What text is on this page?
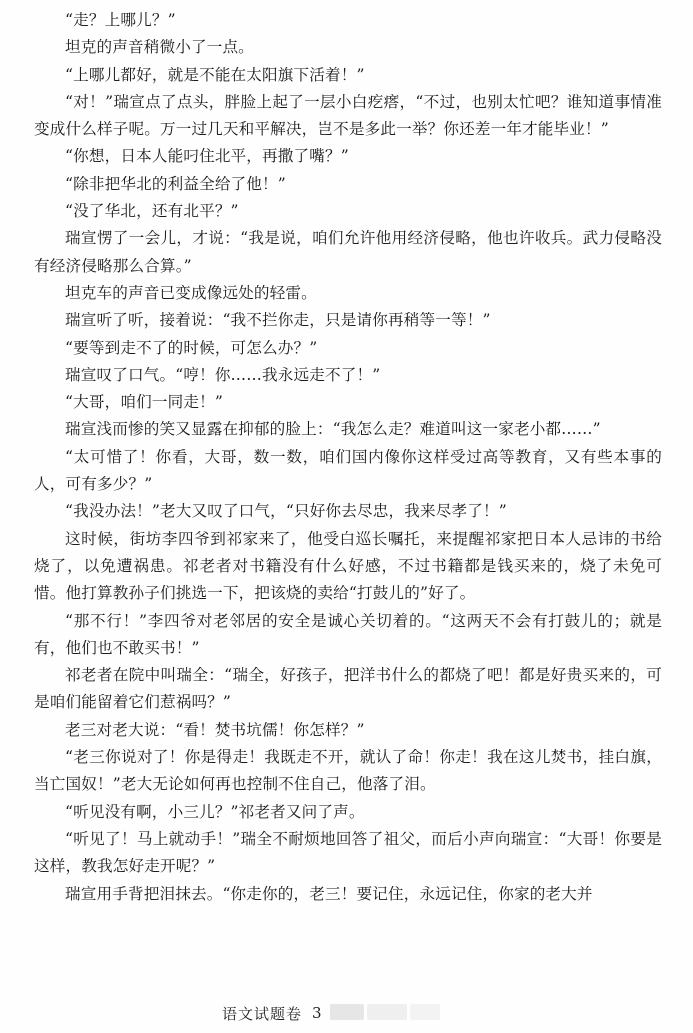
“走？上哪儿？”

坦克的声音稍微小了一点。

“上哪儿都好，就是不能在太阳旗下活着！”

“对！”瑞宣点了点头，胖脸上起了一层小白疙瘩，“不过，也别太忙吧？谁知道事情准变成什么样子呢。万一过几天和平解决，岂不是多此一举？你还差一年才能毕业！”

“你想，日本人能叼住北平，再撒了嘴？”

“除非把华北的利益全给了他！”

“没了华北，还有北平？”

瑞宣愣了一会儿，才说：“我是说，咱们允许他用经济侵略，他也许收兵。武力侵略没有经济侵略那么合算。”

坦克车的声音已变成像远处的轻雷。

瑞宣听了听，接着说：“我不拦你走，只是请你再稍等一等！”

“要等到走不了的时候，可怎么办？”

瑞宣叹了口气。“哼！你……我永远走不了！”

“大哥，咱们一同走！”

瑞宣浅而惨的笑又显露在抑郁的脸上：“我怎么走？难道叫这一家老小都……”

“太可惜了！你看，大哥，数一数，咱们国内像你这样受过高等教育，又有些本事的人，可有多少？”

“我没办法！”老大又叹了口气，“只好你去尽忠，我来尽孝了！”

这时候，街坊李四爷到祁家来了，他受白巡长嘱托，来提醒祁家把日本人忌讳的书给烧了，以免遭祸患。祁老者对书籍没有什么好感，不过书籍都是钱买来的，烧了未免可惜。他打算教孙子们挑选一下，把该烧的卖给“打鼓儿的”好了。

“那不行！”李四爷对老邻居的安全是诚心关切着的。“这两天不会有打鼓儿的；就是有，他们也不敢买书！”

祁老者在院中叫瑞全：“瑞全，好孩子，把洋书什么的都烧了吧！都是好贵买来的，可是咱们能留着它们惹祸吗？”

老三对老大说：“看！焚书坑儒！你怎样？”

“老三你说对了！你是得走！我既走不开，就认了命！你走！我在这儿焚书，挂白旗，当亡国奴！”老大无论如何再也控制不住自己，他落了泪。

“听见没有啊，小三儿？”祁老者又问了声。

“听见了！马上就动手！”瑞全不耐烦地回答了祖父，而后小声向瑞宣：“大哥！你要是这样，教我怎好走开呢？”

瑞宣用手背把泪抹去。“你走你的，老三！要记住，永远记住，你家的老大并

语文试题卷 3
